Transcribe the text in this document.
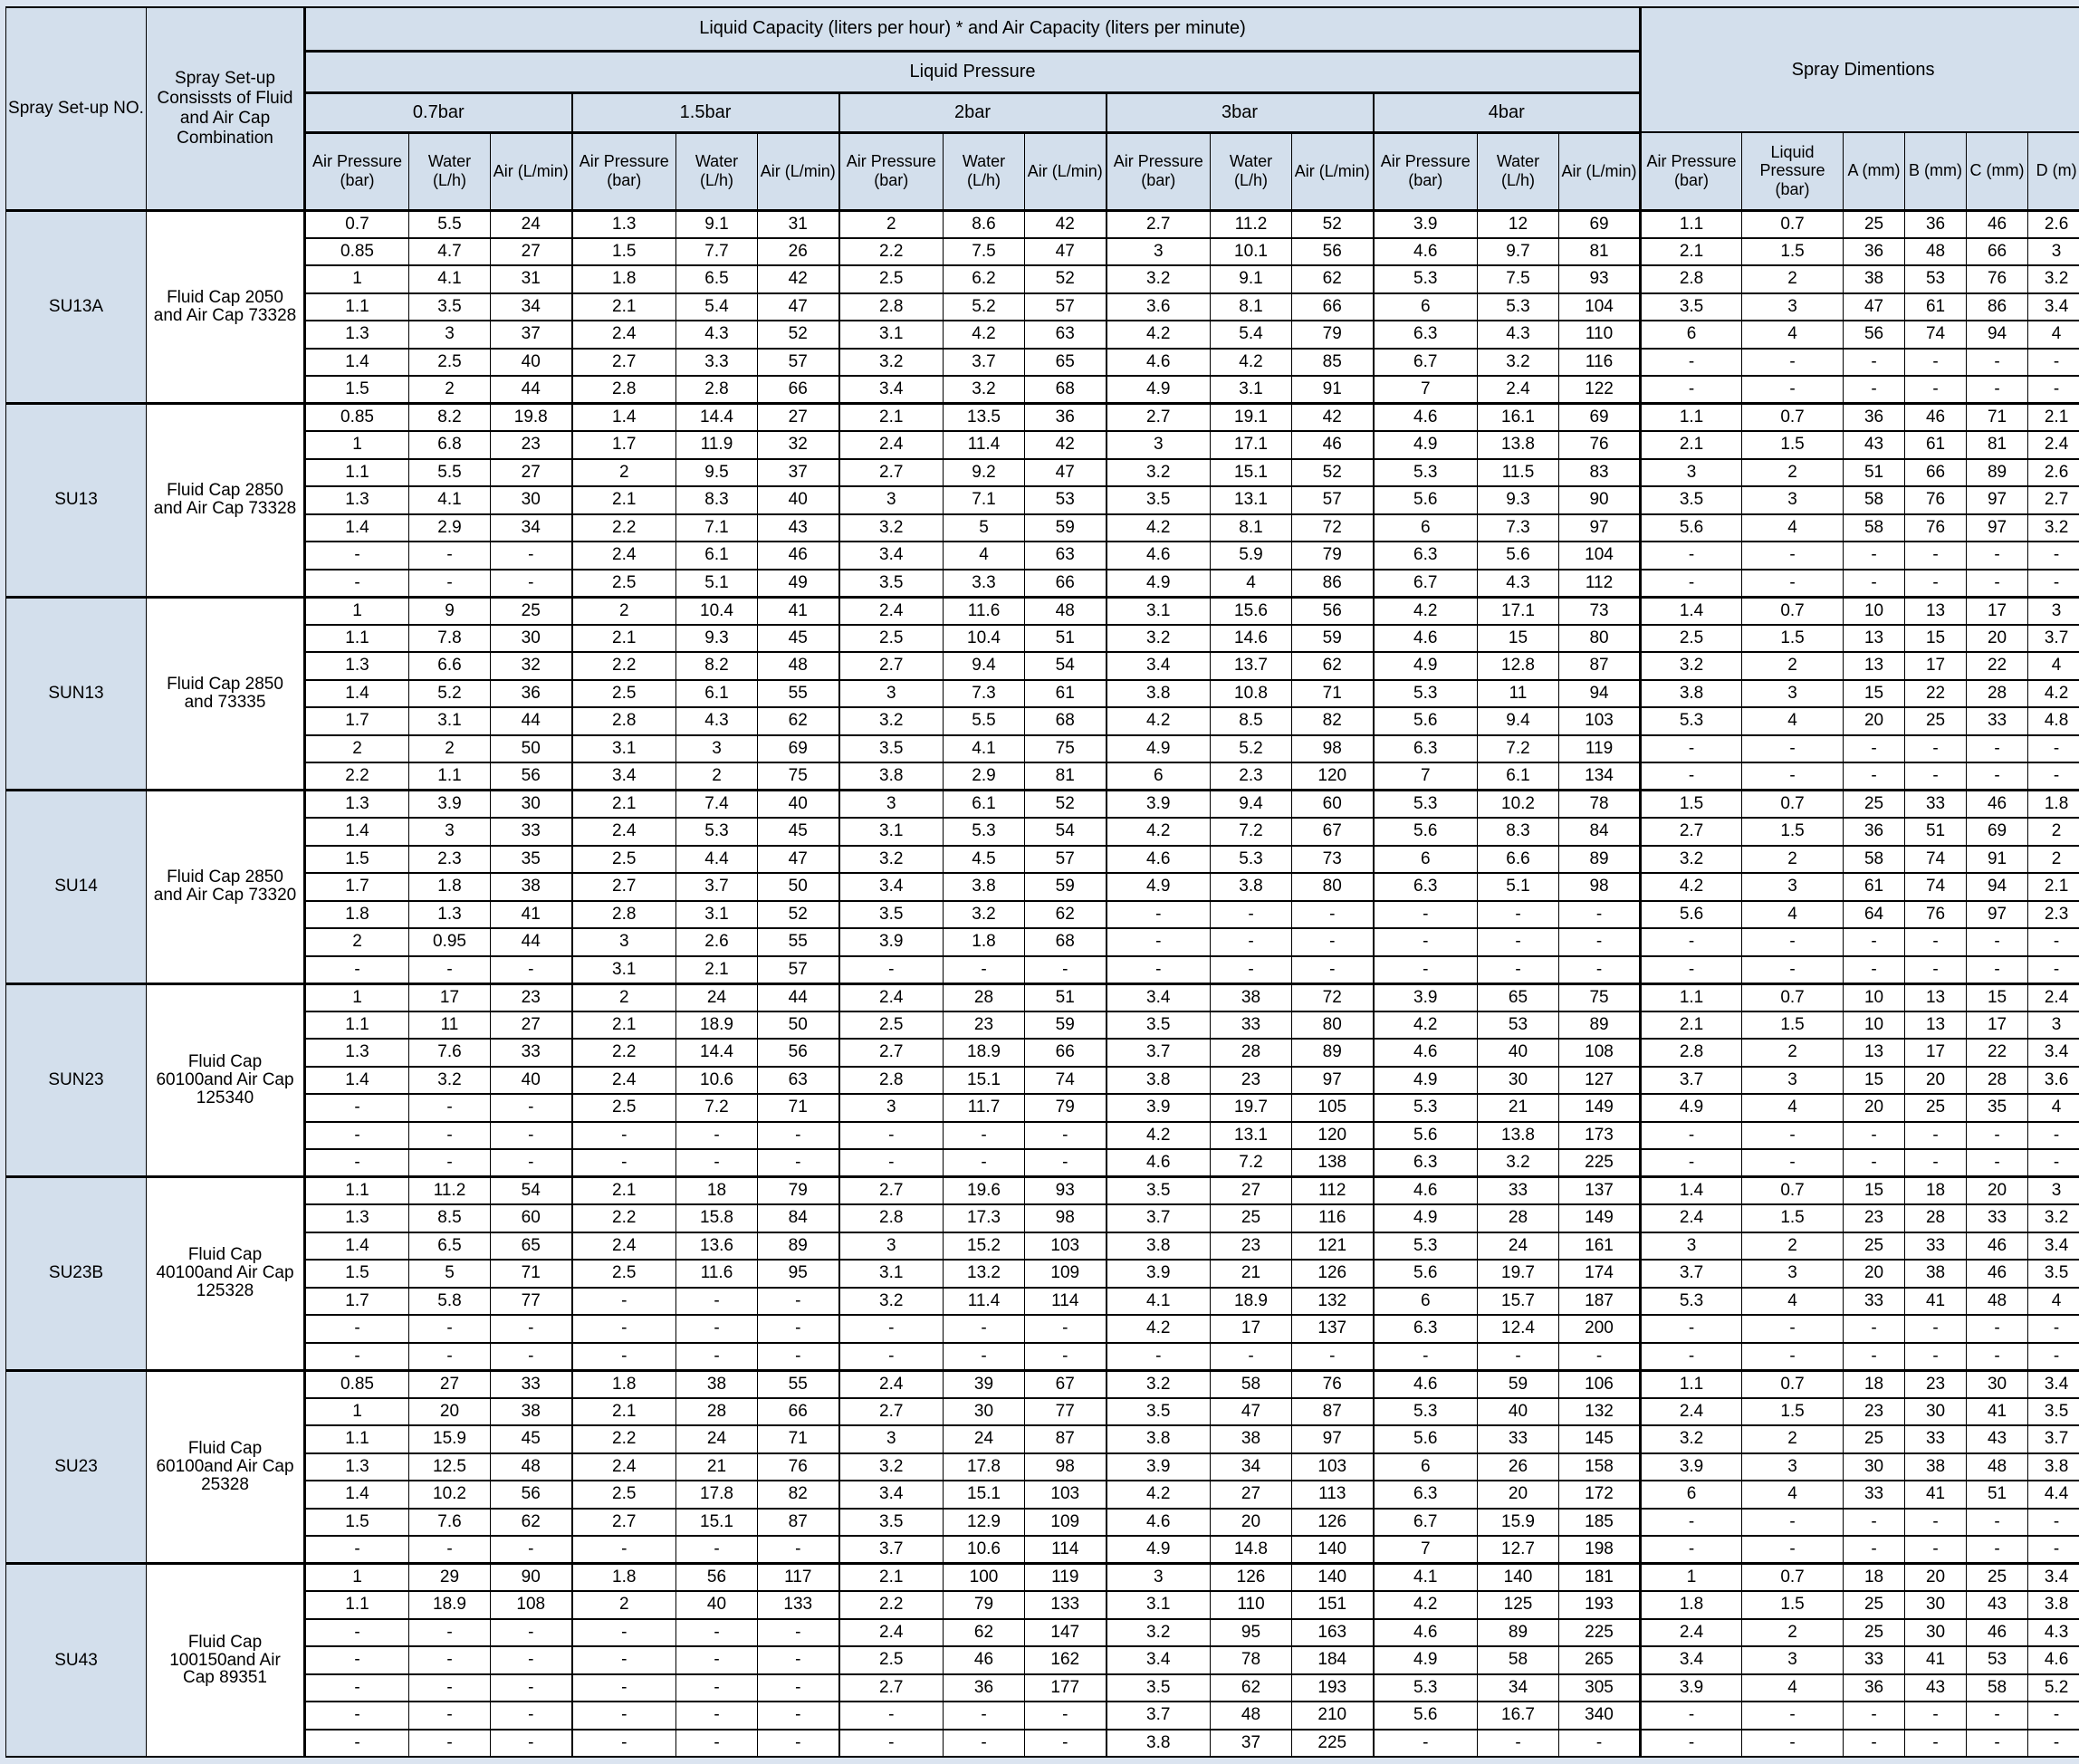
Spray Set-up NO.	Spray Set-up Consissts of Fluid and Air Cap Combination	Liquid Capacity (liters per hour) * and Air Capacity (liters per minute)															Spray Dimentions					
		Liquid Pressure																				
		0.7bar			1.5bar			2bar			3bar			4bar								
		Air Pressure (bar)	Water (L/h)	Air (L/min)	Air Pressure (bar)	Water (L/h)	Air (L/min)	Air Pressure (bar)	Water (L/h)	Air (L/min)	Air Pressure (bar)	Water (L/h)	Air (L/min)	Air Pressure (bar)	Water (L/h)	Air (L/min)	Air Pressure (bar)	Liquid Pressure (bar)	A (mm)	B (mm)	C (mm)	D (m)
SU13A	Fluid Cap 2050 and Air Cap 73328	0.7	5.5	24	1.3	9.1	31	2	8.6	42	2.7	11.2	52	3.9	12	69	1.1	0.7	25	36	46	2.6
		0.85	4.7	27	1.5	7.7	26	2.2	7.5	47	3	10.1	56	4.6	9.7	81	2.1	1.5	36	48	66	3
		1	4.1	31	1.8	6.5	42	2.5	6.2	52	3.2	9.1	62	5.3	7.5	93	2.8	2	38	53	76	3.2
		1.1	3.5	34	2.1	5.4	47	2.8	5.2	57	3.6	8.1	66	6	5.3	104	3.5	3	47	61	86	3.4
		1.3	3	37	2.4	4.3	52	3.1	4.2	63	4.2	5.4	79	6.3	4.3	110	6	4	56	74	94	4
		1.4	2.5	40	2.7	3.3	57	3.2	3.7	65	4.6	4.2	85	6.7	3.2	116	-	-	-	-	-	-
		1.5	2	44	2.8	2.8	66	3.4	3.2	68	4.9	3.1	91	7	2.4	122	-	-	-	-	-	-
SU13	Fluid Cap 2850 and Air Cap 73328	0.85	8.2	19.8	1.4	14.4	27	2.1	13.5	36	2.7	19.1	42	4.6	16.1	69	1.1	0.7	36	46	71	2.1
		1	6.8	23	1.7	11.9	32	2.4	11.4	42	3	17.1	46	4.9	13.8	76	2.1	1.5	43	61	81	2.4
		1.1	5.5	27	2	9.5	37	2.7	9.2	47	3.2	15.1	52	5.3	11.5	83	3	2	51	66	89	2.6
		1.3	4.1	30	2.1	8.3	40	3	7.1	53	3.5	13.1	57	5.6	9.3	90	3.5	3	58	76	97	2.7
		1.4	2.9	34	2.2	7.1	43	3.2	5	59	4.2	8.1	72	6	7.3	97	5.6	4	58	76	97	3.2
		-	-	-	2.4	6.1	46	3.4	4	63	4.6	5.9	79	6.3	5.6	104	-	-	-	-	-	-
		-	-	-	2.5	5.1	49	3.5	3.3	66	4.9	4	86	6.7	4.3	112	-	-	-	-	-	-
SUN13	Fluid Cap 2850 and 73335	1	9	25	2	10.4	41	2.4	11.6	48	3.1	15.6	56	4.2	17.1	73	1.4	0.7	10	13	17	3
		1.1	7.8	30	2.1	9.3	45	2.5	10.4	51	3.2	14.6	59	4.6	15	80	2.5	1.5	13	15	20	3.7
		1.3	6.6	32	2.2	8.2	48	2.7	9.4	54	3.4	13.7	62	4.9	12.8	87	3.2	2	13	17	22	4
		1.4	5.2	36	2.5	6.1	55	3	7.3	61	3.8	10.8	71	5.3	11	94	3.8	3	15	22	28	4.2
		1.7	3.1	44	2.8	4.3	62	3.2	5.5	68	4.2	8.5	82	5.6	9.4	103	5.3	4	20	25	33	4.8
		2	2	50	3.1	3	69	3.5	4.1	75	4.9	5.2	98	6.3	7.2	119	-	-	-	-	-	-
		2.2	1.1	56	3.4	2	75	3.8	2.9	81	6	2.3	120	7	6.1	134	-	-	-	-	-	-
SU14	Fluid Cap 2850 and Air Cap 73320	1.3	3.9	30	2.1	7.4	40	3	6.1	52	3.9	9.4	60	5.3	10.2	78	1.5	0.7	25	33	46	1.8
		1.4	3	33	2.4	5.3	45	3.1	5.3	54	4.2	7.2	67	5.6	8.3	84	2.7	1.5	36	51	69	2
		1.5	2.3	35	2.5	4.4	47	3.2	4.5	57	4.6	5.3	73	6	6.6	89	3.2	2	58	74	91	2
		1.7	1.8	38	2.7	3.7	50	3.4	3.8	59	4.9	3.8	80	6.3	5.1	98	4.2	3	61	74	94	2.1
		1.8	1.3	41	2.8	3.1	52	3.5	3.2	62	-	-	-	-	-	-	5.6	4	64	76	97	2.3
		2	0.95	44	3	2.6	55	3.9	1.8	68	-	-	-	-	-	-	-	-	-	-	-	-
		-	-	-	3.1	2.1	57	-	-	-	-	-	-	-	-	-	-	-	-	-	-	-
SUN23	Fluid Cap 60100and Air Cap 125340	1	17	23	2	24	44	2.4	28	51	3.4	38	72	3.9	65	75	1.1	0.7	10	13	15	2.4
		1.1	11	27	2.1	18.9	50	2.5	23	59	3.5	33	80	4.2	53	89	2.1	1.5	10	13	17	3
		1.3	7.6	33	2.2	14.4	56	2.7	18.9	66	3.7	28	89	4.6	40	108	2.8	2	13	17	22	3.4
		1.4	3.2	40	2.4	10.6	63	2.8	15.1	74	3.8	23	97	4.9	30	127	3.7	3	15	20	28	3.6
		-	-	-	2.5	7.2	71	3	11.7	79	3.9	19.7	105	5.3	21	149	4.9	4	20	25	35	4
		-	-	-	-	-	-	-	-	-	4.2	13.1	120	5.6	13.8	173	-	-	-	-	-	-
		-	-	-	-	-	-	-	-	-	4.6	7.2	138	6.3	3.2	225	-	-	-	-	-	-
SU23B	Fluid Cap 40100and Air Cap 125328	1.1	11.2	54	2.1	18	79	2.7	19.6	93	3.5	27	112	4.6	33	137	1.4	0.7	15	18	20	3
		1.3	8.5	60	2.2	15.8	84	2.8	17.3	98	3.7	25	116	4.9	28	149	2.4	1.5	23	28	33	3.2
		1.4	6.5	65	2.4	13.6	89	3	15.2	103	3.8	23	121	5.3	24	161	3	2	25	33	46	3.4
		1.5	5	71	2.5	11.6	95	3.1	13.2	109	3.9	21	126	5.6	19.7	174	3.7	3	20	38	46	3.5
		1.7	5.8	77	-	-	-	3.2	11.4	114	4.1	18.9	132	6	15.7	187	5.3	4	33	41	48	4
		-	-	-	-	-	-	-	-	-	4.2	17	137	6.3	12.4	200	-	-	-	-	-	-
		-	-	-	-	-	-	-	-	-	-	-	-	-	-	-	-	-	-	-	-	-
SU23	Fluid Cap 60100and Air Cap 25328	0.85	27	33	1.8	38	55	2.4	39	67	3.2	58	76	4.6	59	106	1.1	0.7	18	23	30	3.4
		1	20	38	2.1	28	66	2.7	30	77	3.5	47	87	5.3	40	132	2.4	1.5	23	30	41	3.5
		1.1	15.9	45	2.2	24	71	3	24	87	3.8	38	97	5.6	33	145	3.2	2	25	33	43	3.7
		1.3	12.5	48	2.4	21	76	3.2	17.8	98	3.9	34	103	6	26	158	3.9	3	30	38	48	3.8
		1.4	10.2	56	2.5	17.8	82	3.4	15.1	103	4.2	27	113	6.3	20	172	6	4	33	41	51	4.4
		1.5	7.6	62	2.7	15.1	87	3.5	12.9	109	4.6	20	126	6.7	15.9	185	-	-	-	-	-	-
		-	-	-	-	-	-	3.7	10.6	114	4.9	14.8	140	7	12.7	198	-	-	-	-	-	-
SU43	Fluid Cap 100150and Air Cap 89351	1	29	90	1.8	56	117	2.1	100	119	3	126	140	4.1	140	181	1	0.7	18	20	25	3.4
		1.1	18.9	108	2	40	133	2.2	79	133	3.1	110	151	4.2	125	193	1.8	1.5	25	30	43	3.8
		-	-	-	-	-	-	2.4	62	147	3.2	95	163	4.6	89	225	2.4	2	25	30	46	4.3
		-	-	-	-	-	-	2.5	46	162	3.4	78	184	4.9	58	265	3.4	3	33	41	53	4.6
		-	-	-	-	-	-	2.7	36	177	3.5	62	193	5.3	34	305	3.9	4	36	43	58	5.2
		-	-	-	-	-	-	-	-	-	3.7	48	210	5.6	16.7	340	-	-	-	-	-	-
		-	-	-	-	-	-	-	-	-	3.8	37	225	-	-	-	-	-	-	-	-	-
